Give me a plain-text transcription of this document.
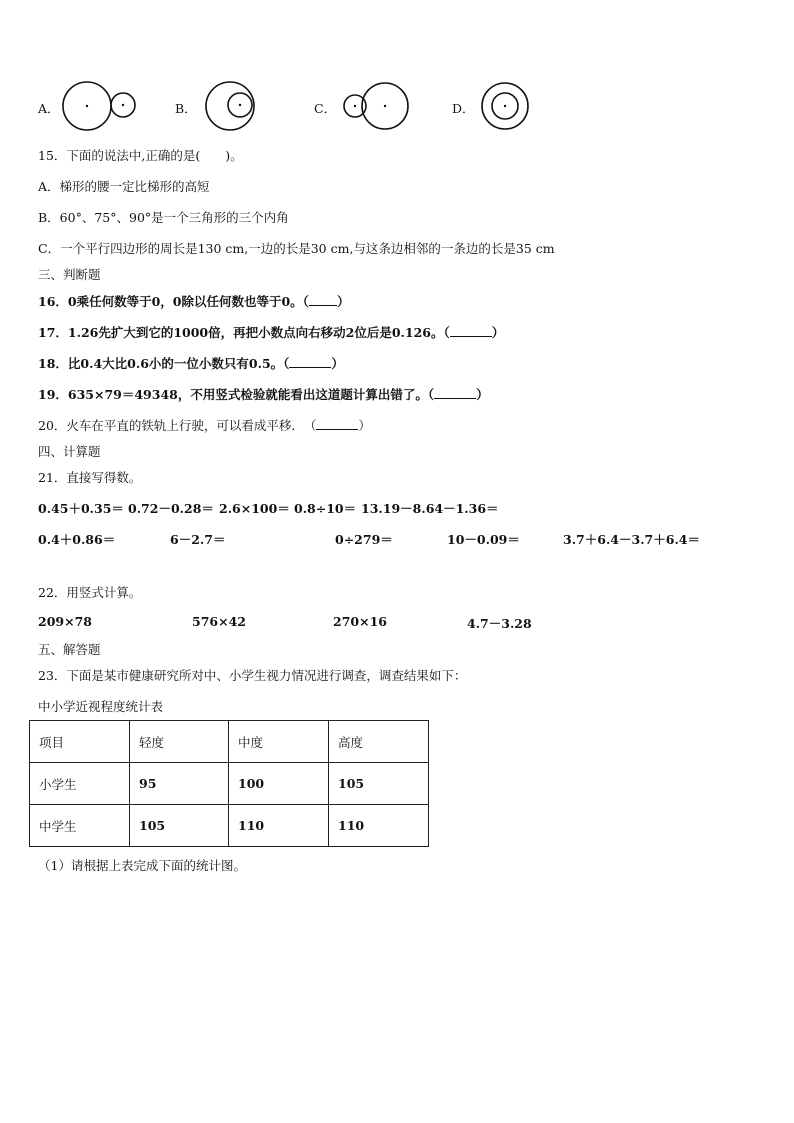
A．	B．	C．	D．
15．下面的说法中,正确的是(　　)。
A．梯形的腰一定比梯形的高短
B．60°、75°、90°是一个三角形的三个内角
C．一个平行四边形的周长是130 cm,一边的长是30 cm,与这条边相邻的一条边的长是35 cm
三、判断题
16．0乘任何数等于0，0除以任何数也等于0。（ ）
17．1.26先扩大到它的1000倍，再把小数点向右移动2位后是0.126。（	）
18．比0.4大比0.6小的一位小数只有0.5。（	）
19．635×79＝49348，不用竖式检验就能看出这道题计算出错了。（	）
20．火车在平直的铁轨上行驶，可以看成平移．　（	）
四、计算题
21．直接写得数。
0.45＋0.35＝ 0.72－0.28＝ 2.6×100＝ 0.8÷10＝ 13.19－8.64－1.36＝
0.4＋0.86＝	6－2.7＝	0÷279＝	10－0.09＝	3.7＋6.4－3.7＋6.4＝
22．用竖式计算。
209×78	576×42	270×16	4.7－3.28
五、解答题
23．下面是某市健康研究所对中、小学生视力情况进行调查，调查结果如下：
中小学近视程度统计表
项目	轻度	中度	高度
小学生	95	100	105
中学生	105	110	110
（1）请根据上表完成下面的统计图。
